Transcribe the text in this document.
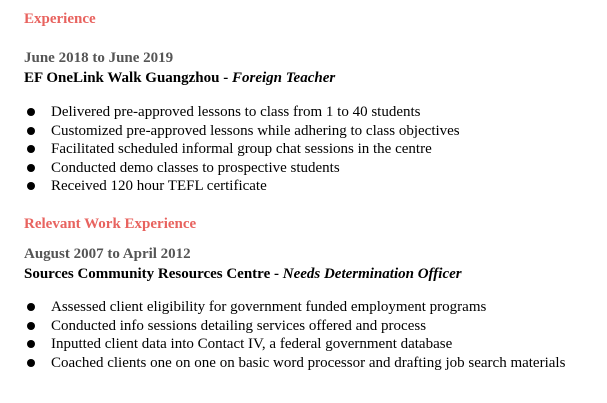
Experience
June 2018 to June 2019
EF OneLink Walk Guangzhou - Foreign Teacher
Delivered pre-approved lessons to class from 1 to 40 students
Customized pre-approved lessons while adhering to class objectives
Facilitated scheduled informal group chat sessions in the centre
Conducted demo classes to prospective students
Received 120 hour TEFL certificate
Relevant Work Experience
August 2007 to April 2012
Sources Community Resources Centre - Needs Determination Officer
Assessed client eligibility for government funded employment programs
Conducted info sessions detailing services offered and process
Inputted client data into Contact IV, a federal government database
Coached clients one on one on basic word processor and drafting job search materials
